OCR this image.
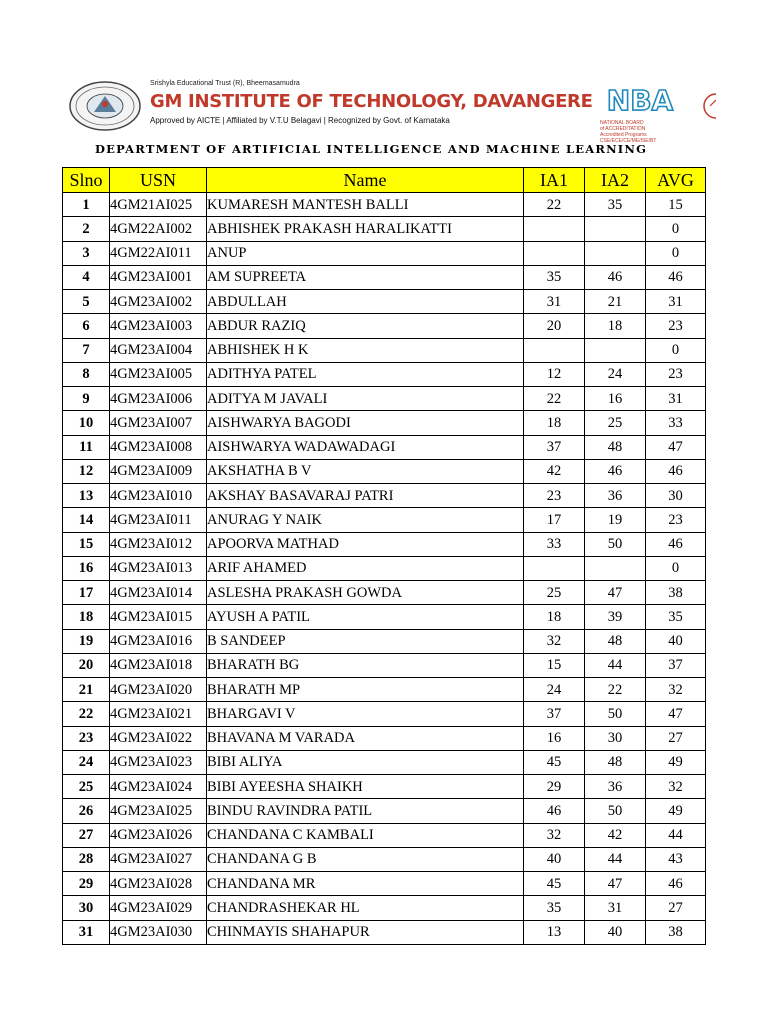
Srishyla Educational Trust (R), Bheemasamudra
GM INSTITUTE OF TECHNOLOGY, DAVANGERE
Approved by AICTE | Affiliated by V.T.U Belagavi | Recognized by Govt. of Karnataka
NBA
NATIONAL BOARD
of ACCREDITATION
Accredited Programs
CSE/ECE/CE/ME/ISE/BT
DEPARTMENT OF ARTIFICIAL INTELLIGENCE AND MACHINE LEARNING
Slno	USN	Name	IA1	IA2	AVG
1	4GM21AI025	KUMARESH MANTESH BALLI	22	35	15
2	4GM22AI002	ABHISHEK PRAKASH HARALIKATTI			0
3	4GM22AI011	ANUP			0
4	4GM23AI001	AM SUPREETA	35	46	46
5	4GM23AI002	ABDULLAH	31	21	31
6	4GM23AI003	ABDUR RAZIQ	20	18	23
7	4GM23AI004	ABHISHEK H K			0
8	4GM23AI005	ADITHYA PATEL	12	24	23
9	4GM23AI006	ADITYA M JAVALI	22	16	31
10	4GM23AI007	AISHWARYA BAGODI	18	25	33
11	4GM23AI008	AISHWARYA WADAWADAGI	37	48	47
12	4GM23AI009	AKSHATHA B V	42	46	46
13	4GM23AI010	AKSHAY BASAVARAJ PATRI	23	36	30
14	4GM23AI011	ANURAG Y NAIK	17	19	23
15	4GM23AI012	APOORVA MATHAD	33	50	46
16	4GM23AI013	ARIF AHAMED			0
17	4GM23AI014	ASLESHA PRAKASH GOWDA	25	47	38
18	4GM23AI015	AYUSH A PATIL	18	39	35
19	4GM23AI016	B SANDEEP	32	48	40
20	4GM23AI018	BHARATH BG	15	44	37
21	4GM23AI020	BHARATH MP	24	22	32
22	4GM23AI021	BHARGAVI V	37	50	47
23	4GM23AI022	BHAVANA M VARADA	16	30	27
24	4GM23AI023	BIBI ALIYA	45	48	49
25	4GM23AI024	BIBI AYEESHA SHAIKH	29	36	32
26	4GM23AI025	BINDU RAVINDRA PATIL	46	50	49
27	4GM23AI026	CHANDANA C KAMBALI	32	42	44
28	4GM23AI027	CHANDANA G B	40	44	43
29	4GM23AI028	CHANDANA MR	45	47	46
30	4GM23AI029	CHANDRASHEKAR HL	35	31	27
31	4GM23AI030	CHINMAYIS SHAHAPUR	13	40	38
